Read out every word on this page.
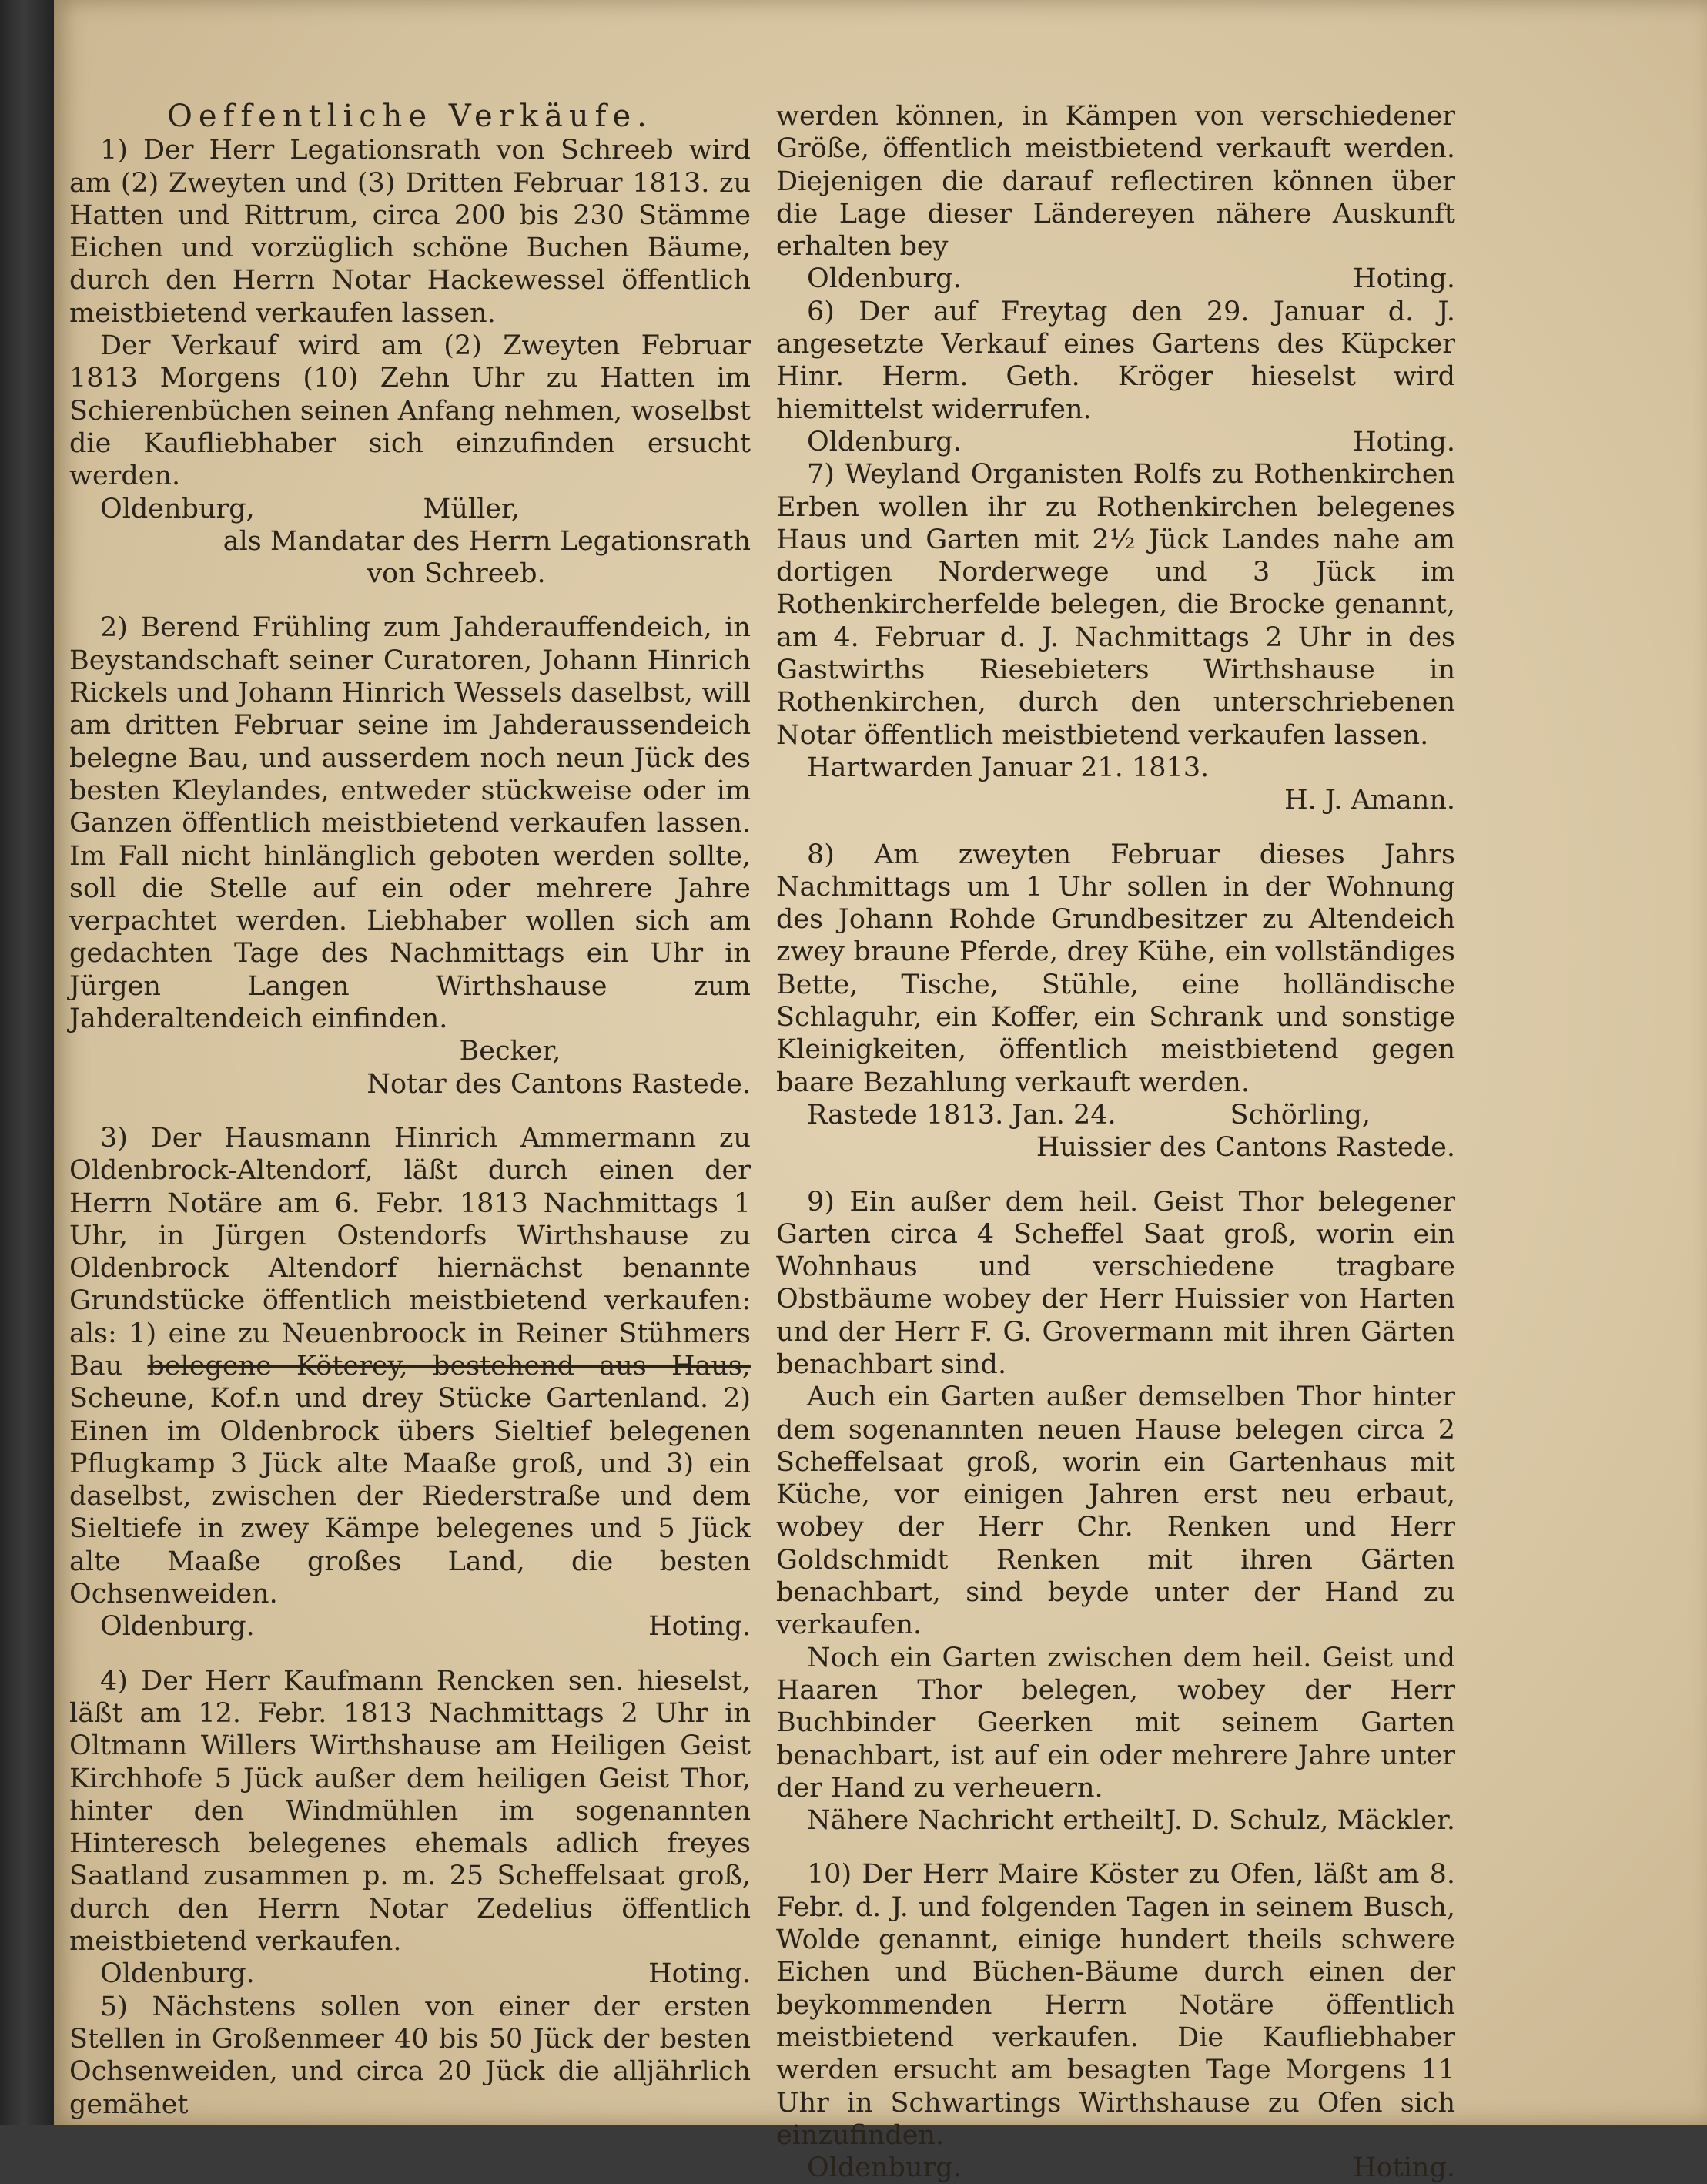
Oeffentliche Verkäufe.

1) Der Herr Legationsrath von Schreeb wird am (2) Zweyten und (3) Dritten Februar 1813. zu Hatten und Rittrum, circa 200 bis 230 Stämme Eichen und vorzüglich schöne Buchen Bäume, durch den Herrn Notar Hackewessel öffentlich meistbietend verkaufen lassen.

Der Verkauf wird am (2) Zweyten Februar 1813 Morgens (10) Zehn Uhr zu Hatten im Schierenbüchen seinen Anfang nehmen, woselbst die Kaufliebhaber sich einzufinden ersucht werden.

Oldenburg,	Müller,

als Mandatar des Herrn Legationsrath

von Schreeb.

2) Berend Frühling zum Jahderauffendeich, in Beystandschaft seiner Curatoren, Johann Hinrich Rickels und Johann Hinrich Wessels daselbst, will am dritten Februar seine im Jahderaussendeich belegne Bau, und ausserdem noch neun Jück des besten Kleylandes, entweder stückweise oder im Ganzen öffentlich meistbietend verkaufen lassen. Im Fall nicht hinlänglich geboten werden sollte, soll die Stelle auf ein oder mehrere Jahre verpachtet werden. Liebhaber wollen sich am gedachten Tage des Nachmittags ein Uhr in Jürgen Langen Wirthshause zum Jahderaltendeich einfinden.

Becker,

Notar des Cantons Rastede.

3) Der Hausmann Hinrich Ammermann zu Oldenbrock-Altendorf, läßt durch einen der Herrn Notäre am 6. Febr. 1813 Nachmittags 1 Uhr, in Jürgen Ostendorfs Wirthshause zu Oldenbrock Altendorf hiernächst benannte Grundstücke öffentlich meistbietend verkaufen: als: 1) eine zu Neuenbroock in Reiner Stühmers Bau belegene Köterey, bestehend aus Haus, Scheune, Kof.n und drey Stücke Gartenland. 2) Einen im Oldenbrock übers Sieltief belegenen Pflugkamp 3 Jück alte Maaße groß, und 3) ein daselbst, zwischen der Riederstraße und dem Sieltiefe in zwey Kämpe belegenes und 5 Jück alte Maaße großes Land, die besten Ochsenweiden.

Oldenburg.	Hoting.

4) Der Herr Kaufmann Rencken sen. hieselst, läßt am 12. Febr. 1813 Nachmittags 2 Uhr in Oltmann Willers Wirthshause am Heiligen Geist Kirchhofe 5 Jück außer dem heiligen Geist Thor, hinter den Windmühlen im sogenannten Hinteresch belegenes ehemals adlich freyes Saatland zusammen p. m. 25 Scheffelsaat groß, durch den Herrn Notar Zedelius öffentlich meistbietend verkaufen.

Oldenburg.	Hoting.

5) Nächstens sollen von einer der ersten Stellen in Großenmeer 40 bis 50 Jück der besten Ochsenweiden, und circa 20 Jück die alljährlich gemähet

werden können, in Kämpen von verschiedener Größe, öffentlich meistbietend verkauft werden. Diejenigen die darauf reflectiren können über die Lage dieser Ländereyen nähere Auskunft erhalten bey

Oldenburg.	Hoting.

6) Der auf Freytag den 29. Januar d. J. angesetzte Verkauf eines Gartens des Küpcker Hinr. Herm. Geth. Kröger hieselst wird hiemittelst widerrufen.

Oldenburg.	Hoting.

7) Weyland Organisten Rolfs zu Rothenkirchen Erben wollen ihr zu Rothenkirchen belegenes Haus und Garten mit 2½ Jück Landes nahe am dortigen Norderwege und 3 Jück im Rothenkircherfelde belegen, die Brocke genannt, am 4. Februar d. J. Nachmittags 2 Uhr in des Gastwirths Riesebieters Wirthshause in Rothenkirchen, durch den unterschriebenen Notar öffentlich meistbietend verkaufen lassen.

Hartwarden Januar 21. 1813.

H. J. Amann.

8) Am zweyten Februar dieses Jahrs Nachmittags um 1 Uhr sollen in der Wohnung des Johann Rohde Grundbesitzer zu Altendeich zwey braune Pferde, drey Kühe, ein vollständiges Bette, Tische, Stühle, eine holländische Schlaguhr, ein Koffer, ein Schrank und sonstige Kleinigkeiten, öffentlich meistbietend gegen baare Bezahlung verkauft werden.

Rastede 1813. Jan. 24.	Schörling,

Huissier des Cantons Rastede.

9) Ein außer dem heil. Geist Thor belegener Garten circa 4 Scheffel Saat groß, worin ein Wohnhaus und verschiedene tragbare Obstbäume wobey der Herr Huissier von Harten und der Herr F. G. Grovermann mit ihren Gärten benachbart sind.

Auch ein Garten außer demselben Thor hinter dem sogenannten neuen Hause belegen circa 2 Scheffelsaat groß, worin ein Gartenhaus mit Küche, vor einigen Jahren erst neu erbaut, wobey der Herr Chr. Renken und Herr Goldschmidt Renken mit ihren Gärten benachbart, sind beyde unter der Hand zu verkaufen.

Noch ein Garten zwischen dem heil. Geist und Haaren Thor belegen, wobey der Herr Buchbinder Geerken mit seinem Garten benachbart, ist auf ein oder mehrere Jahre unter der Hand zu verheuern.

Nähere Nachricht ertheilt J. D. Schulz, Mäckler.

10) Der Herr Maire Köster zu Ofen, läßt am 8. Febr. d. J. und folgenden Tagen in seinem Busch, Wolde genannt, einige hundert theils schwere Eichen und Büchen-Bäume durch einen der beykommenden Herrn Notäre öffentlich meistbietend verkaufen. Die Kaufliebhaber werden ersucht am besagten Tage Morgens 11 Uhr in Schwartings Wirthshause zu Ofen sich einzufinden.

Oldenburg.	Hoting.
